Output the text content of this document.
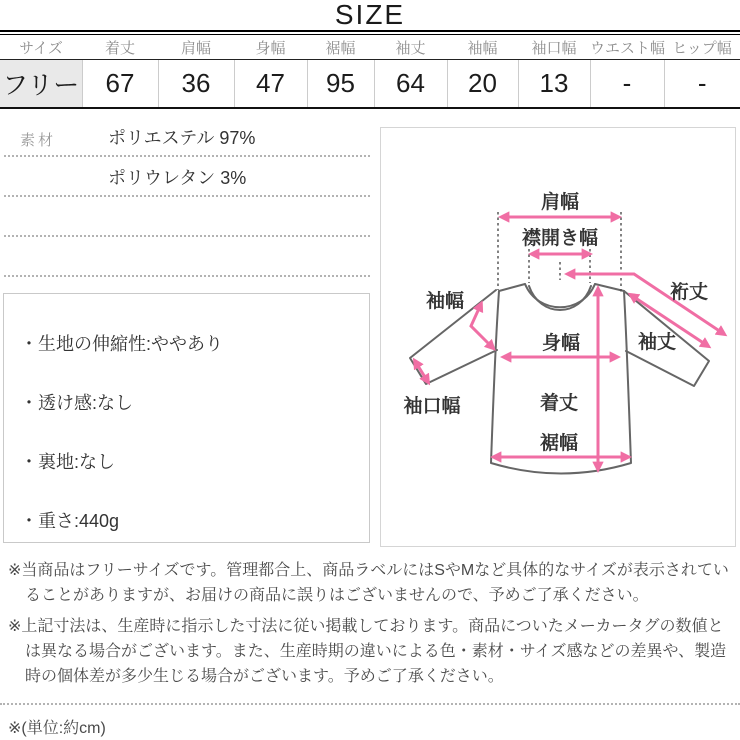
SIZE
サイズ	着丈	肩幅	身幅	裾幅	袖丈	袖幅	袖口幅	ウエスト幅	ヒップ幅
フリー	67	36	47	95	64	20	13	-	-
素材	ポリエステル 97%
ポリウレタン 3%
・生地の伸縮性:ややあり
・透け感:なし
・裏地:なし
・重さ:440g
肩幅
襟開き幅
裄丈
袖幅
袖丈
身幅
袖口幅	着丈
裾幅

※当商品はフリーサイズです。管理都合上、商品ラベルにはSやMなど具体的なサイズが表示されていることがありますが、お届けの商品に誤りはございませんので、予めご了承ください。

※上記寸法は、生産時に指示した寸法に従い掲載しております。商品についたメーカータグの数値とは異なる場合がございます。また、生産時期の違いによる色・素材・サイズ感などの差異や、製造時の個体差が多少生じる場合がございます。予めご了承ください。

※(単位:約cm)
